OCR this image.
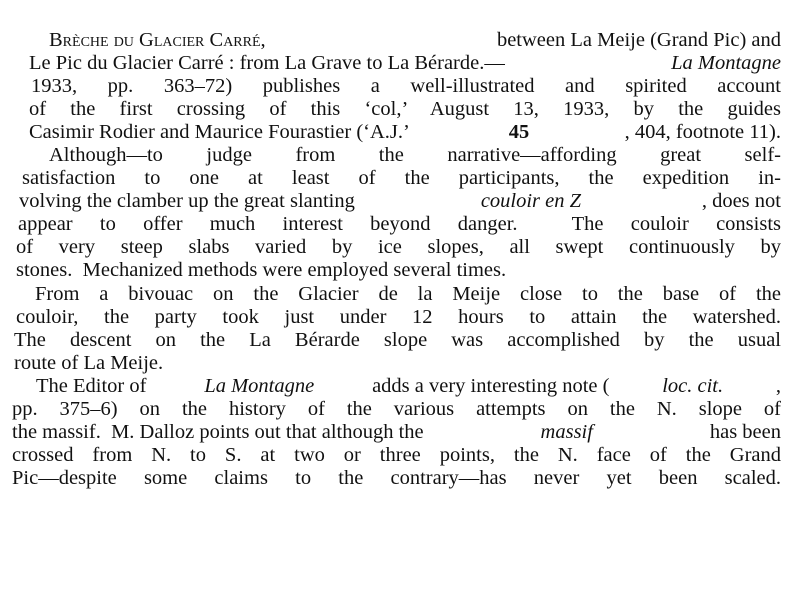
Brèche du Glacier Carré,	between La Meije (Grand Pic) and
Le Pic du Glacier Carré : from La Grave to La Bérarde.—	La Montagne
1933, pp. 363–72) publishes a well-illustrated and spirited account
of the first crossing of this ‘col,’ August 13, 1933, by the guides
Casimir Rodier and Maurice Fourastier (‘A.J.’	45	, 404, footnote 11).
Although—to judge from the narrative—affording great self-
satisfaction to one at least of the participants, the expedition in-
volving the clamber up the great slanting	couloir en Z	, does not
appear to offer much interest beyond danger.  The couloir consists
of very steep slabs varied by ice slopes, all swept continuously by
stones.  Mechanized methods were employed several times.
From a bivouac on the Glacier de la Meije close to the base of the
couloir, the party took just under 12 hours to attain the watershed.
The descent on the La Bérarde slope was accomplished by the usual
route of La Meije.
The Editor of	La Montagne	adds a very interesting note (	loc. cit.	,
pp. 375–6) on the history of the various attempts on the N. slope of
the massif.  M. Dalloz points out that although the	massif	has been
crossed from N. to S. at two or three points, the N. face of the Grand
Pic—despite some claims to the contrary—has never yet been scaled.
